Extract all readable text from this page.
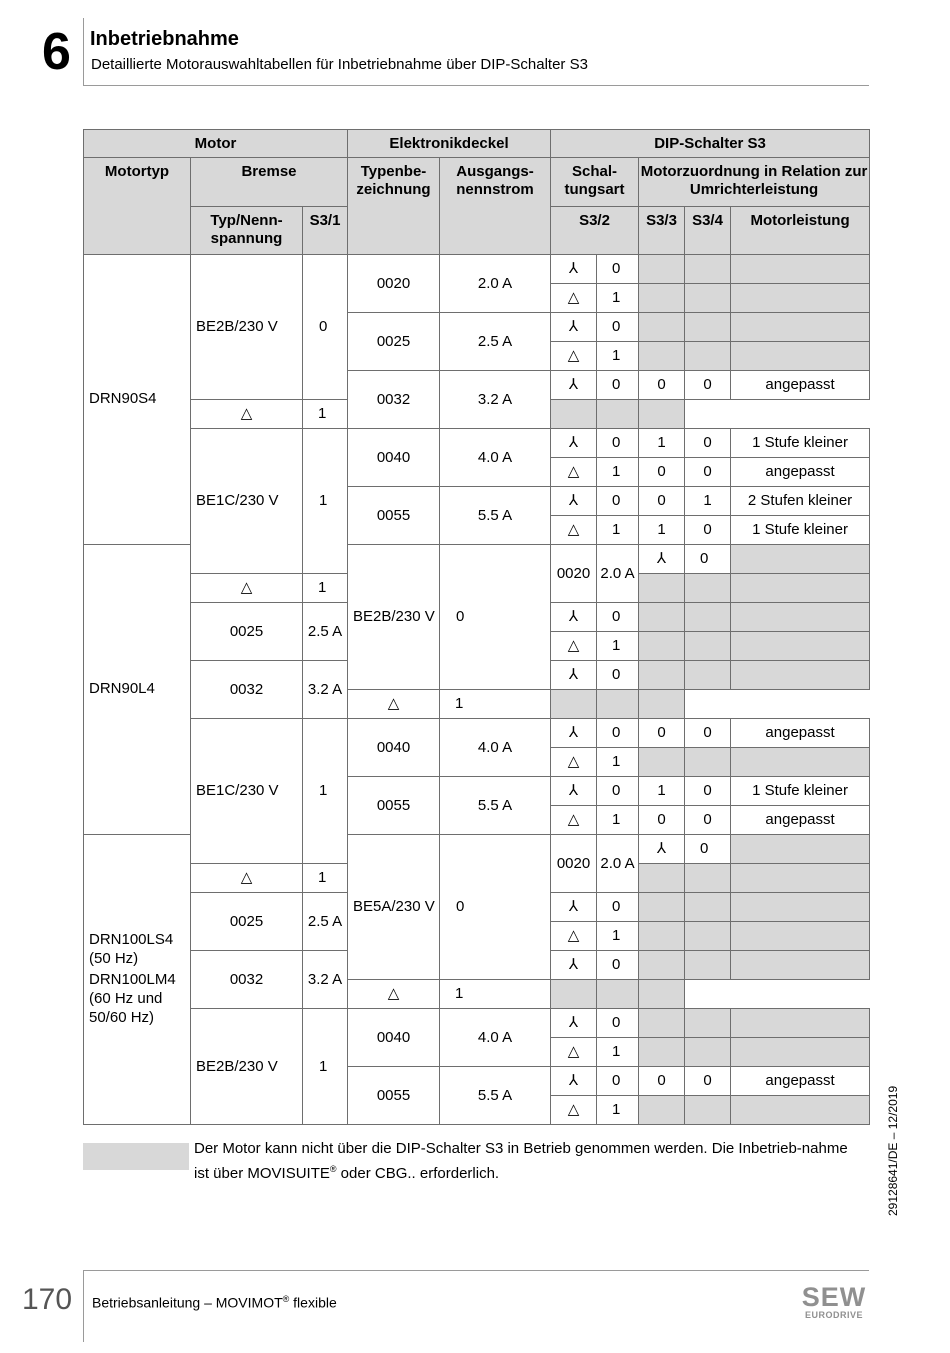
6 Inbetriebnahme
Detaillierte Motorauswahltabellen für Inbetriebnahme über DIP-Schalter S3
Motor			Elektronikdeckel		DIP-Schalter S3					
Motortyp	Bremse		Typenbe-zeichnung	Ausgangs-nennstrom	Schal-tungsart		Motorzuordnung in Relation zur Umrichterleistung			
	Typ/Nenn-spannung	S3/1			S3/2		S3/3	S3/4	Motorleistung	

DRN90S4	BE2B/230 V	0	0020	2.0 A	⅄	0				
					△	1				
			0025	2.5 A	⅄	0				
					△	1				
			0032	3.2 A	⅄	0	0	0	angepasst	
	△	1								
	BE1C/230 V	1	0040	4.0 A	⅄	0	1	0	1 Stufe kleiner	
					△	1	0	0	angepasst	
			0055	5.5 A	⅄	0	0	1	2 Stufen kleiner	
					△	1	1	0	1 Stufe kleiner	

DRN90L4			BE2B/230 V	0	0020	2.0 A	⅄	0			
	△	1								
	0025	2.5 A			⅄	0				
					△	1				
	0032	3.2 A			⅄	0				
			△	1						
	BE1C/230 V	1	0040	4.0 A	⅄	0	0	0	angepasst	
					△	1				
			0055	5.5 A	⅄	0	1	0	1 Stufe kleiner	
					△	1	0	0	angepasst	

DRN100LS4 (50 Hz)

DRN100LM4 (60 Hz und 50/60 Hz)			BE5A/230 V	0	0020	2.0 A	⅄	0			
	△	1								
	0025	2.5 A			⅄	0				
					△	1				
	0032	3.2 A			⅄	0				
			△	1						
	BE2B/230 V	1	0040	4.0 A	⅄	0				
					△	1				
			0055	5.5 A	⅄	0	0	0	angepasst	
					△	1				
Der Motor kann nicht über die DIP-Schalter S3 in Betrieb genommen werden. Die Inbetrieb-nahme ist über MOVISUITE® oder CBG.. erforderlich.	29128641/DE – 12/2019
170 Betriebsanleitung – MOVIMOT® flexible	SEW
EURODRIVE
